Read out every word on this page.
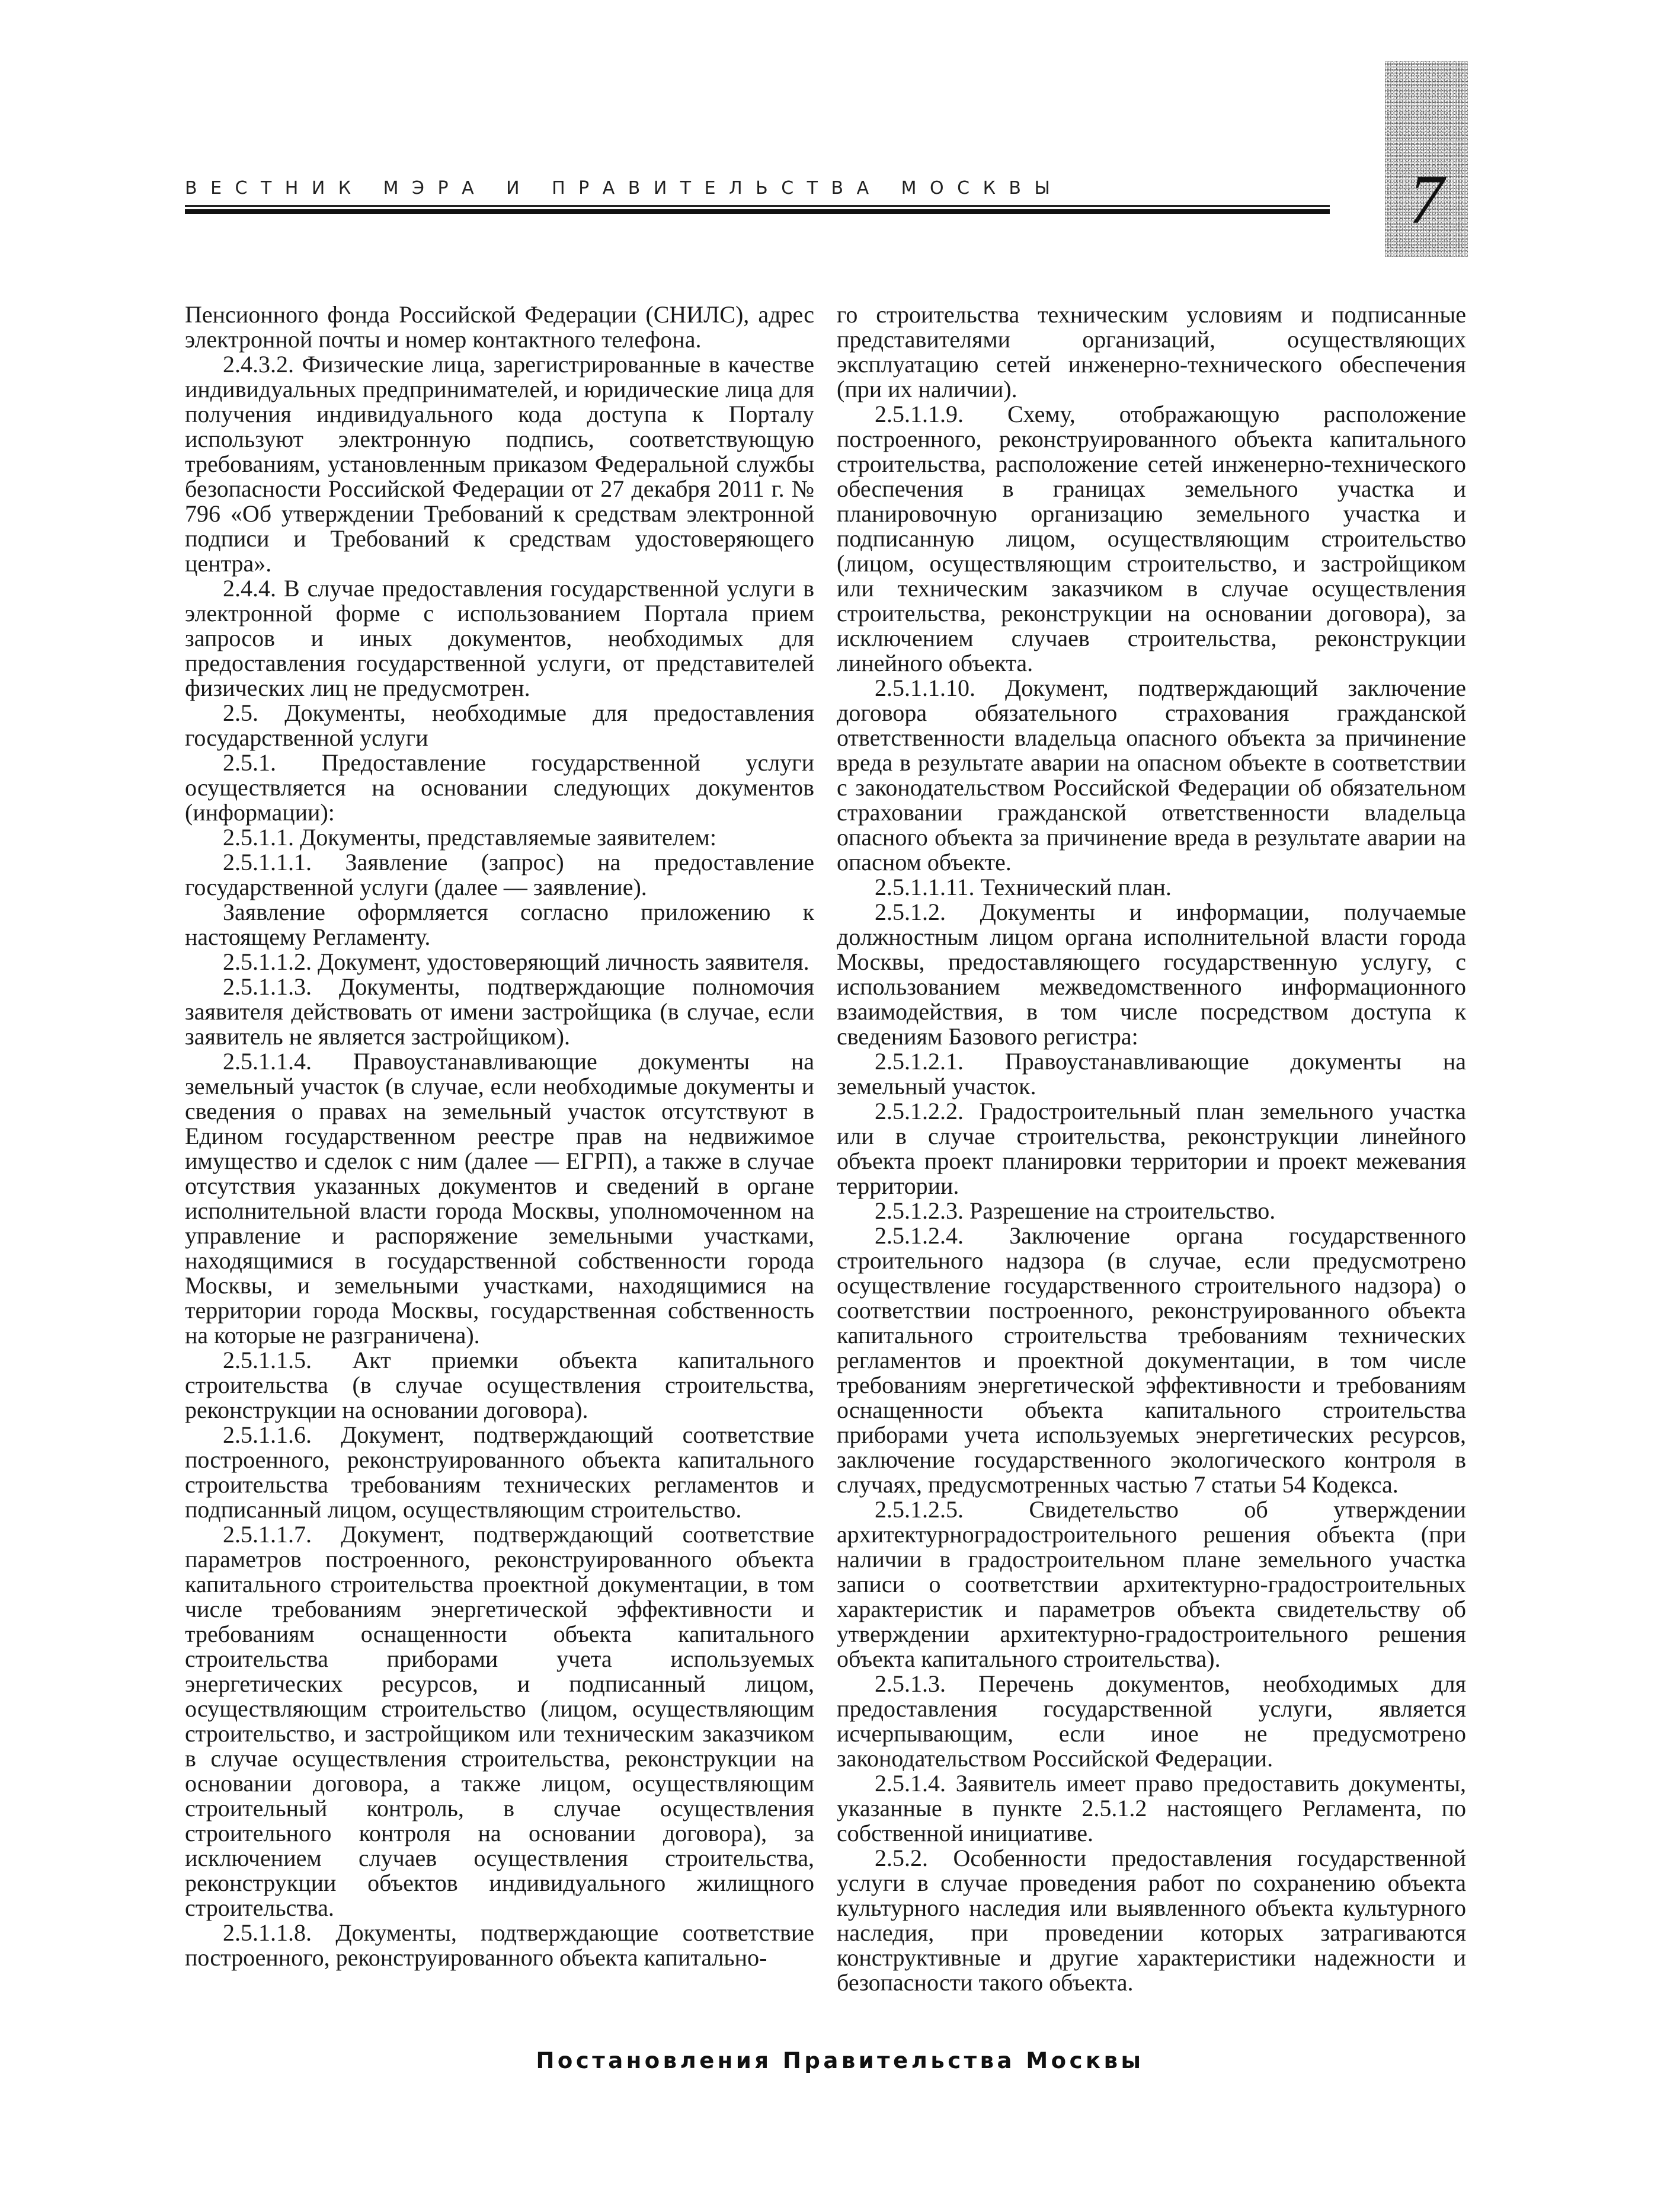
ВЕСТНИК МЭРА И ПРАВИТЕЛЬСТВА МОСКВЫ	7

Пенсионного фонда Российской Федерации (СНИЛС), адрес электронной почты и номер контактного телефона.

2.4.3.2. Физические лица, зарегистрированные в качестве индивидуальных предпринимателей, и юридические лица для получения индивидуального кода доступа к Порталу используют электронную подпись, соответствующую требованиям, установленным приказом Федеральной службы безопасности Российской Федерации от 27 декабря 2011 г. № 796 «Об утверждении Требований к средствам электронной подписи и Требований к средствам удостоверяющего центра».

2.4.4. В случае предоставления государственной услуги в электронной форме с использованием Портала прием запросов и иных документов, необходимых для предоставления государственной услуги, от представителей физических лиц не предусмотрен.

2.5. Документы, необходимые для предоставления государственной услуги

2.5.1. Предоставление государственной услуги осуществляется на основании следующих документов (информации):

2.5.1.1. Документы, представляемые заявителем:

2.5.1.1.1. Заявление (запрос) на предоставление государственной услуги (далее — заявление).

Заявление оформляется согласно приложению к настоящему Регламенту.

2.5.1.1.2. Документ, удостоверяющий личность заявителя.

2.5.1.1.3. Документы, подтверждающие полномочия заявителя действовать от имени застройщика (в случае, если заявитель не является застройщиком).

2.5.1.1.4. Правоустанавливающие документы на земельный участок (в случае, если необходимые документы и сведения о правах на земельный участок отсутствуют в Едином государственном реестре прав на недвижимое имущество и сделок с ним (далее — ЕГРП), а также в случае отсутствия указанных документов и сведений в органе исполнительной власти города Москвы, уполномоченном на управление и распоряжение земельными участками, находящимися в государственной собственности города Москвы, и земельными участками, находящимися на территории города Москвы, государственная собственность на которые не разграничена).

2.5.1.1.5. Акт приемки объекта капитального строительства (в случае осуществления строительства, реконструкции на основании договора).

2.5.1.1.6. Документ, подтверждающий соответствие построенного, реконструированного объекта капитального строительства требованиям технических регламентов и подписанный лицом, осуществляющим строительство.

2.5.1.1.7. Документ, подтверждающий соответствие параметров построенного, реконструированного объекта капитального строительства проектной документации, в том числе требованиям энергетической эффективности и требованиям оснащенности объекта капитального строительства приборами учета используемых энергетических ресурсов, и подписанный лицом, осуществляющим строительство (лицом, осуществляющим строительство, и застройщиком или техническим заказчиком в случае осуществления строительства, реконструкции на основании договора, а также лицом, осуществляющим строительный контроль, в случае осуществления строительного контроля на основании договора), за исключением случаев осуществления строительства, реконструкции объектов индивидуального жилищного строительства.

2.5.1.1.8. Документы, подтверждающие соответствие построенного, реконструированного объекта капитально-

го строительства техническим условиям и подписанные представителями организаций, осуществляющих эксплуатацию сетей инженерно-технического обеспечения (при их наличии).

2.5.1.1.9. Схему, отображающую расположение построенного, реконструированного объекта капитального строительства, расположение сетей инженерно-технического обеспечения в границах земельного участка и планировочную организацию земельного участка и подписанную лицом, осуществляющим строительство (лицом, осуществляющим строительство, и застройщиком или техническим заказчиком в случае осуществления строительства, реконструкции на основании договора), за исключением случаев строительства, реконструкции линейного объекта.

2.5.1.1.10. Документ, подтверждающий заключение договора обязательного страхования гражданской ответственности владельца опасного объекта за причинение вреда в результате аварии на опасном объекте в соответствии с законодательством Российской Федерации об обязательном страховании гражданской ответственности владельца опасного объекта за причинение вреда в результате аварии на опасном объекте.

2.5.1.1.11. Технический план.

2.5.1.2. Документы и информации, получаемые должностным лицом органа исполнительной власти города Москвы, предоставляющего государственную услугу, с использованием межведомственного информационного взаимодействия, в том числе посредством доступа к сведениям Базового регистра:

2.5.1.2.1. Правоустанавливающие документы на земельный участок.

2.5.1.2.2. Градостроительный план земельного участка или в случае строительства, реконструкции линейного объекта проект планировки территории и проект межевания территории.

2.5.1.2.3. Разрешение на строительство.

2.5.1.2.4. Заключение органа государственного строительного надзора (в случае, если предусмотрено осуществление государственного строительного надзора) о соответствии построенного, реконструированного объекта капитального строительства требованиям технических регламентов и проектной документации, в том числе требованиям энергетической эффективности и требованиям оснащенности объекта капитального строительства приборами учета используемых энергетических ресурсов, заключение государственного экологического контроля в случаях, предусмотренных частью 7 статьи 54 Кодекса.

2.5.1.2.5. Свидетельство об утверждении архитектурноградостроительного решения объекта (при наличии в градостроительном плане земельного участка записи о соответствии архитектурно-градостроительных характеристик и параметров объекта свидетельству об утверждении архитектурно-градостроительного решения объекта капитального строительства).

2.5.1.3. Перечень документов, необходимых для предоставления государственной услуги, является исчерпывающим, если иное не предусмотрено законодательством Российской Федерации.

2.5.1.4. Заявитель имеет право предоставить документы, указанные в пункте 2.5.1.2 настоящего Регламента, по собственной инициативе.

2.5.2. Особенности предоставления государственной услуги в случае проведения работ по сохранению объекта культурного наследия или выявленного объекта культурного наследия, при проведении которых затрагиваются конструктивные и другие характеристики надежности и безопасности такого объекта.

Постановления Правительства Москвы
